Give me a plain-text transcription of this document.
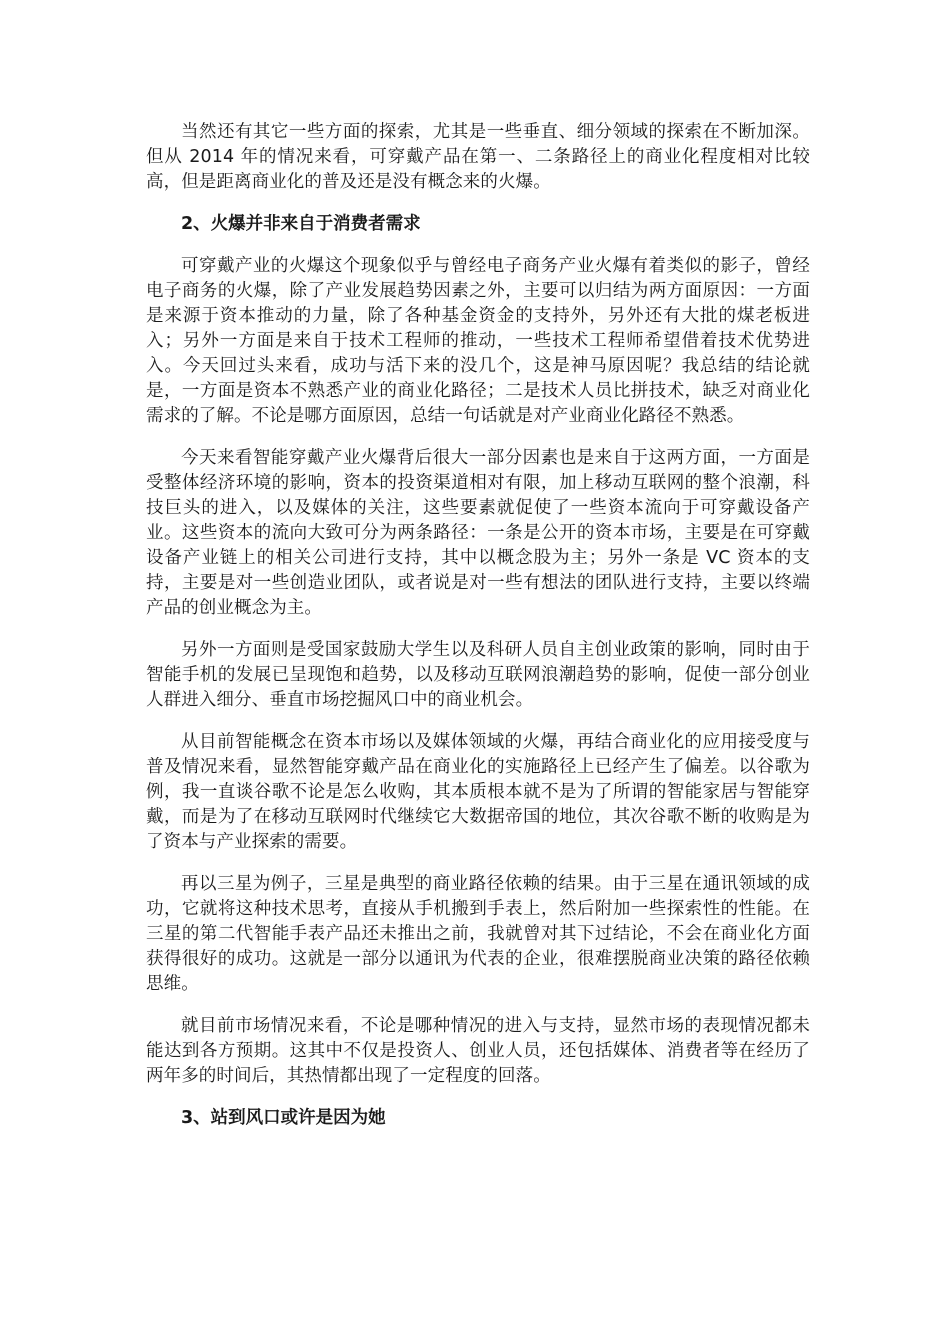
当然还有其它一些方面的探索，尤其是一些垂直、细分领域的探索在不断加深。但从 2014 年的情况来看，可穿戴产品在第一、二条路径上的商业化程度相对比较高，但是距离商业化的普及还是没有概念来的火爆。

2、火爆并非来自于消费者需求

可穿戴产业的火爆这个现象似乎与曾经电子商务产业火爆有着类似的影子，曾经电子商务的火爆，除了产业发展趋势因素之外，主要可以归结为两方面原因：一方面是来源于资本推动的力量，除了各种基金资金的支持外，另外还有大批的煤老板进入；另外一方面是来自于技术工程师的推动，一些技术工程师希望借着技术优势进入。今天回过头来看，成功与活下来的没几个，这是神马原因呢？我总结的结论就是，一方面是资本不熟悉产业的商业化路径；二是技术人员比拼技术，缺乏对商业化需求的了解。不论是哪方面原因，总结一句话就是对产业商业化路径不熟悉。

今天来看智能穿戴产业火爆背后很大一部分因素也是来自于这两方面，一方面是受整体经济环境的影响，资本的投资渠道相对有限，加上移动互联网的整个浪潮，科技巨头的进入，以及媒体的关注，这些要素就促使了一些资本流向于可穿戴设备产业。这些资本的流向大致可分为两条路径：一条是公开的资本市场，主要是在可穿戴设备产业链上的相关公司进行支持，其中以概念股为主；另外一条是 VC 资本的支持，主要是对一些创造业团队，或者说是对一些有想法的团队进行支持，主要以终端产品的创业概念为主。

另外一方面则是受国家鼓励大学生以及科研人员自主创业政策的影响，同时由于智能手机的发展已呈现饱和趋势，以及移动互联网浪潮趋势的影响，促使一部分创业人群进入细分、垂直市场挖掘风口中的商业机会。

从目前智能概念在资本市场以及媒体领域的火爆，再结合商业化的应用接受度与普及情况来看，显然智能穿戴产品在商业化的实施路径上已经产生了偏差。以谷歌为例，我一直谈谷歌不论是怎么收购，其本质根本就不是为了所谓的智能家居与智能穿戴，而是为了在移动互联网时代继续它大数据帝国的地位，其次谷歌不断的收购是为了资本与产业探索的需要。

再以三星为例子，三星是典型的商业路径依赖的结果。由于三星在通讯领域的成功，它就将这种技术思考，直接从手机搬到手表上，然后附加一些探索性的性能。在三星的第二代智能手表产品还未推出之前，我就曾对其下过结论，不会在商业化方面获得很好的成功。这就是一部分以通讯为代表的企业，很难摆脱商业决策的路径依赖思维。

就目前市场情况来看，不论是哪种情况的进入与支持，显然市场的表现情况都未能达到各方预期。这其中不仅是投资人、创业人员，还包括媒体、消费者等在经历了两年多的时间后，其热情都出现了一定程度的回落。

3、站到风口或许是因为她
